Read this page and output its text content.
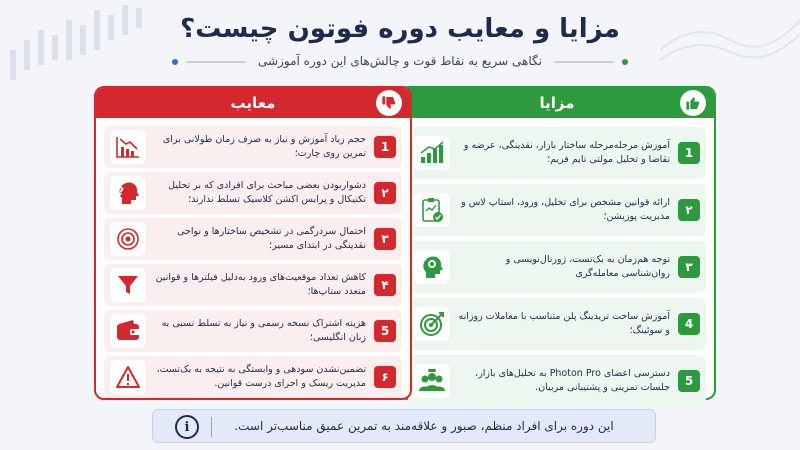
مزایا و معایب دوره فوتون چیست؟
نگاهی سریع به نقاط قوت و چالش‌های این دوره آموزشی
مزایا
1
آموزش مرحله‌مرحله ساختار بازار، نقدینگی، عرضه و تقاضا و تحلیل مولتی تایم فریم؛
۲
ارائه قوانین مشخص برای تحلیل، ورود، استاپ لاس و مدیریت پوزیشن؛
۳
توجه هم‌زمان به بک‌تست، ژورنال‌نویسی و روان‌شناسی معامله‌گری
4
آموزش ساخت تریدینگ پلن متناسب با معاملات روزانه و سوئینگ؛
5
دسترسی اعضای Photon Pro به تحلیل‌های بازار، جلسات تمرینی و پشتیبانی مربیان.
معایب
1
حجم زیاد آموزش و نیاز به صرف زمان طولانی برای تمرین روی چارت؛
۲
دشوار‌بودن بعضی مباحث برای افرادی که بر تحلیل تکنیکال و پرایس اکشن کلاسیک تسلط ندارند؛
?
۳
احتمال سردرگمی در تشخیص ساختارها و نواحی نقدینگی در ابتدای مسیر؛
۴
کاهش تعداد موقعیت‌های ورود به‌دلیل فیلترها و قوانین متعدد ستاپ‌ها؛
5
هزینه اشتراک نسخه رسمی و نیاز به تسلط نسبی به زبان انگلیسی؛
۶
تضمین‌نشدن سودهی و وابستگی به نتیجه به بک‌تست، مدیریت ریسک و اجرای درست قوانین.
این دوره برای افراد منظم، صبور و علاقه‌مند به تمرین عمیق مناسب‌تر است.
i
